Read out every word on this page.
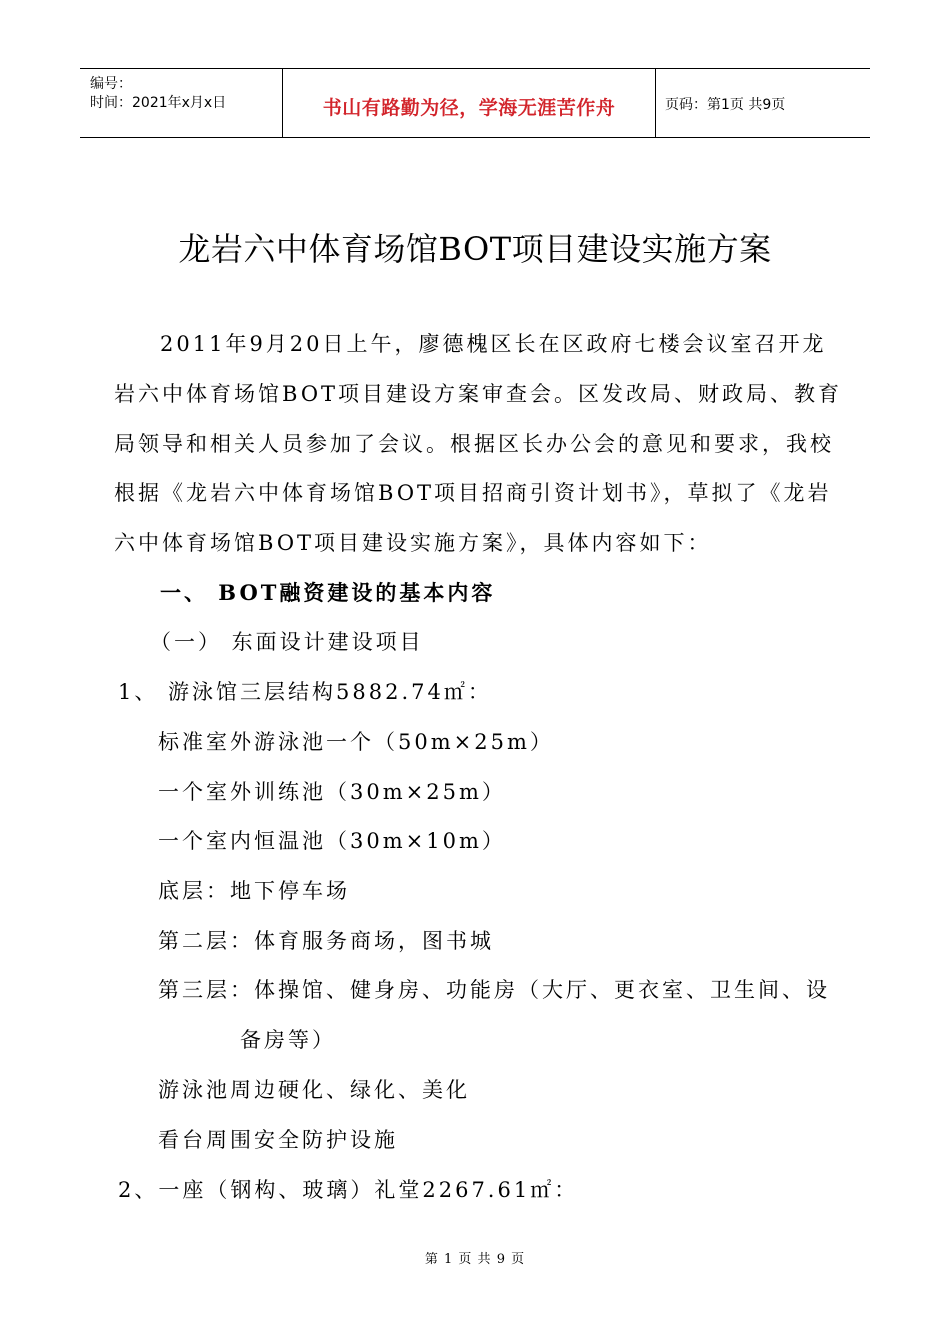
编号：
时间：2021年x月x日	书山有路勤为径，学海无涯苦作舟	页码：第1页 共9页
龙岩六中体育场馆BOT项目建设实施方案
2011年9月20日上午，廖德槐区长在区政府七楼会议室召开龙
岩六中体育场馆BOT项目建设方案审查会。区发改局、财政局、教育
局领导和相关人员参加了会议。根据区长办公会的意见和要求，我校
根据《龙岩六中体育场馆BOT项目招商引资计划书》，草拟了《龙岩
六中体育场馆BOT项目建设实施方案》，具体内容如下：
一、 BOT融资建设的基本内容
（一） 东面设计建设项目
1、 游泳馆三层结构5882.74㎡：
标准室外游泳池一个（50m×25m）
一个室外训练池（30m×25m）
一个室内恒温池（30m×10m）
底层：地下停车场
第二层：体育服务商场，图书城
第三层：体操馆、健身房、功能房（大厅、更衣室、卫生间、设
备房等）
游泳池周边硬化、绿化、美化
看台周围安全防护设施
2、一座（钢构、玻璃）礼堂2267.61㎡：
第 1 页 共 9 页
